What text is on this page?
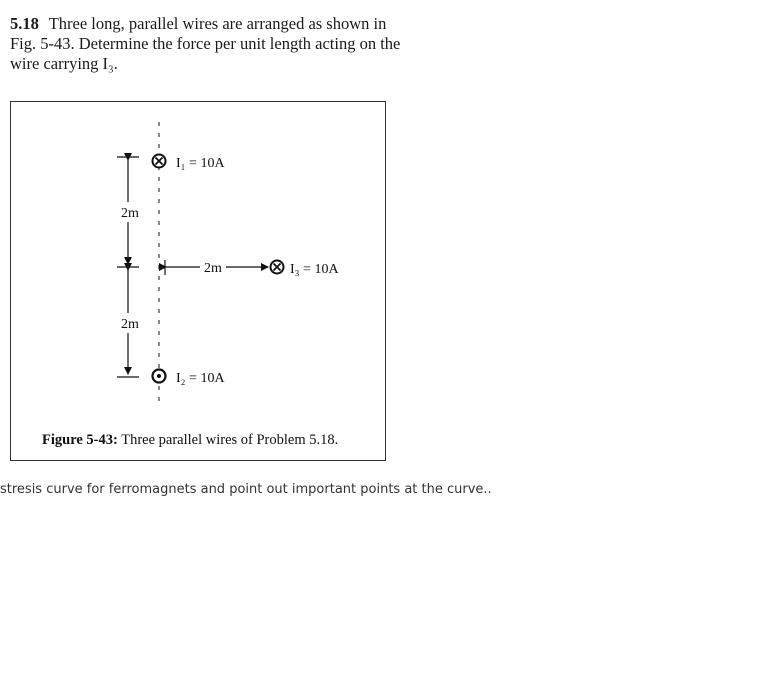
5.18 Three long, parallel wires are arranged as shown in Fig. 5-43. Determine the force per unit length acting on the wire carrying I₃.
2m
2m
2m
I₁ = 10A
I₃ = 10A
I₂ = 10A
Figure 5-43: Three parallel wires of Problem 5.18.
stresis curve for ferromagnets and point out important points at the curve..
